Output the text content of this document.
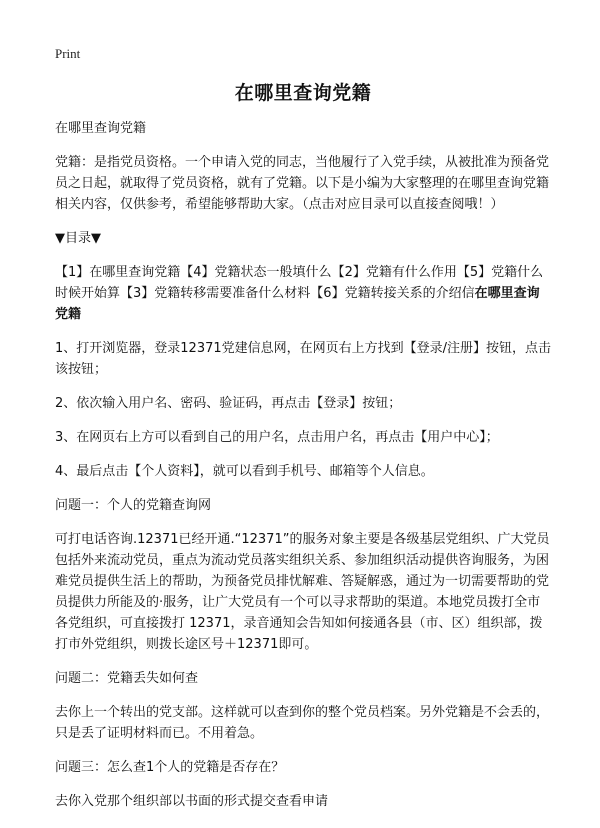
Print
在哪里查询党籍

在哪里查询党籍

党籍：是指党员资格。一个申请入党的同志，当他履行了入党手续，从被批准为预备党员之日起，就取得了党员资格，就有了党籍。以下是小编为大家整理的在哪里查询党籍相关内容，仅供参考，希望能够帮助大家。（点击对应目录可以直接查阅哦！）

▼目录▼

【1】在哪里查询党籍【4】党籍状态一般填什么【2】党籍有什么作用【5】党籍什么时候开始算【3】党籍转移需要准备什么材料【6】党籍转接关系的介绍信在哪里查询党籍

1、打开浏览器，登录12371党建信息网，在网页右上方找到【登录/注册】按钮，点击该按钮；

2、依次输入用户名、密码、验证码，再点击【登录】按钮；

3、在网页右上方可以看到自己的用户名，点击用户名，再点击【用户中心】；

4、最后点击【个人资料】，就可以看到手机号、邮箱等个人信息。

问题一：个人的党籍查询网

可打电话咨询.12371已经开通.“12371”的服务对象主要是各级基层党组织、广大党员包括外来流动党员，重点为流动党员落实组织关系、参加组织活动提供咨询服务，为困难党员提供生活上的帮助，为预备党员排忧解难、答疑解惑，通过为一切需要帮助的党员提供力所能及的·服务，让广大党员有一个可以寻求帮助的渠道。本地党员拨打全市各党组织，可直接拨打 12371，录音通知会告知如何接通各县（市、区）组织部，拨打市外党组织，则拨长途区号＋12371即可。

问题二：党籍丢失如何查

去你上一个转出的党支部。这样就可以查到你的整个党员档案。另外党籍是不会丢的，只是丢了证明材料而已。不用着急。

问题三：怎么查1个人的党籍是否存在？

去你入党那个组织部以书面的形式提交查看申请
